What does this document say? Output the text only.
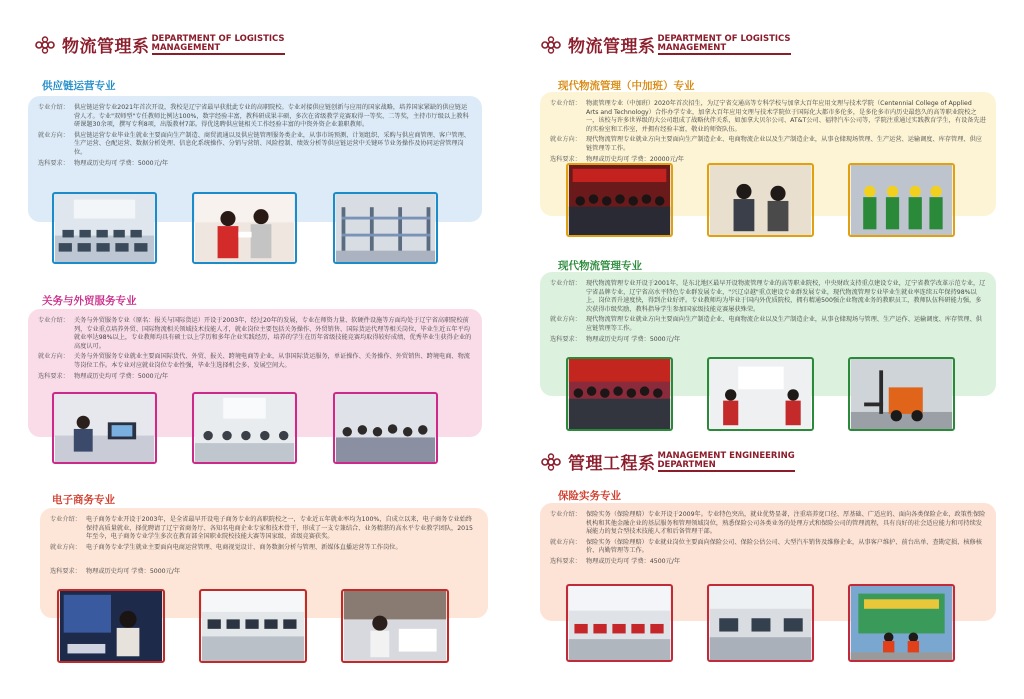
物流管理系 DEPARTMENT OF LOGISTICS
MANAGEMENT	物流管理系 DEPARTMENT OF LOGISTICS
MANAGEMENT
供应链运营专业
专业介绍： 供应链运营专业2021年首次开设，我校是辽宁省最早获批此专业的高职院校。专业对接供应链创新与应用的国家战略，培养国家紧缺的供应链运营人才。专业"双师型"专任教师比例达100%，数字经验丰富，教科研成果丰硕，多次在省级教学竞赛取得一等奖、二等奖，主持市厅级以上教科研课题30余项，撰写专利8项，出版教材7部。得优选聘供应链相关工作经验丰富的中资外资企业兼职教师。
就业方向： 供应链运营专业毕业生就业主要面向生产制造、商贸流通以及供应链管理服务类企业，从事市场预测、计划组织、采购与供应商管理、客户管理、生产运营、仓配运营、数据分析处理、信息化系统操作、分销与营销、风险控制、绩效分析等供应链运营中关键环节业务操作及协同运营管理岗位。
选科要求： 物理或历史均可 学费：5000元/年
关务与外贸服务专业
专业介绍： 关务与外贸服务专业（原名：报关与国际货运）开设于2003年，经过20年的发展，专业在师资力量、软硬件设施等方面均处于辽宁省高职院校前列，专业重点培养外贸、国际物流相关领域技术技能人才，就业岗位主要包括关务操作、外贸销售、国际货运代理等相关岗位，毕业生近五年平均就业率达98%以上，专业教师均具有硕士以上学历和多年企业实践经历，培养的学生在历年省级技能竞赛均取得较好成绩，优秀毕业生获得企业的高度认可。
就业方向： 关务与外贸服务专业就业主要面国际货代、外贸、报关、跨境电商等企业，从事国际货运服务，单证操作、关务操作、外贸销售、跨境电商、物流等岗位工作。本专业对应就业岗位专业性强，毕业生选择机会多、发展空间大。
选科要求： 物理或历史均可 学费：5000元/年
电子商务专业
专业介绍： 电子商务专业开设于2003年，是全省最早开设电子商务专业的高职院校之一，专业近五年就业率均为100%，自成立以来，电子商务专业始终保持高质量就业，择优聘请了辽宁省商务厅、各知名电商企业专家和技术骨干，形成了一支专兼结合、业务精湛的高水平专业教学团队，2015年至今，电子商务专业学生多次在教育部全国职业院校技能大赛等国家级、省级竞赛获奖。
就业方向： 电子商务专业学生就业主要面向电商运营管理、电商视觉设计、商务数据分析与管理、新媒体直播运营等工作岗位。
选科要求： 物理或历史均可 学费：5000元/年
现代物流管理（中加班）专业
专业介绍： 物流管理专业（中加班）2020年首次招生，为辽宁省交通高等专科学校与加拿大百年应用文理与技术学院（Centennial College of Applied Arts and Technology）合作办学专业，加拿大百年应用文理与技术学院位于国际化大都市多伦多，是多伦多市内历史最悠久的高等职业院校之一，该校与许多世界级的大公司组成了战略伙伴关系，如加拿大贝尔公司、AT&T公司、福特汽车公司等，学院注重通过实践教育学生，有设备先进的实验室和工作室，并拥有经验丰富，敬业的师资队伍。
就业方向： 现代物流管理专业就业方向主要面向生产制造企业、电商物流企业以及生产制造企业，从事仓储现场管理、生产运营、运输调度、库存管理、供应链管理等工作。
选科要求： 物理或历史均可 学费：20000元/年
现代物流管理专业
专业介绍： 现代物流管理专业开设于2001年，是东北地区最早开设物流管理专业的高等职业院校，中央财政支持重点建设专业，辽宁省教学改革示范专业，辽宁省品牌专业，辽宁省高水平特色专业群发展专业，"兴辽卓越"重点建设专业群发展专业，现代物流管理专业毕业生就业率连续五年保持98%以上，岗位晋升速度快，得到企业好评。专业教师均为毕业于国内外优质院校，拥有精通500强企业物流业务的教职员工，教师队伍科研能力强，多次获得市级奖励，教科指导学生参加国家级技能竞赛屡获殊荣。
就业方向： 现代物流管理专业就业方向主要面向生产制造企业、电商物流企业以及生产制造企业，从事仓储现场与管理、生产运作、运输调度、库存管理、供应链管理等工作。
选科要求： 物理或历史均可 学费：5000元/年
管理工程系 MANAGEMENT ENGINEERING
DEPARTMEN
保险实务专业
专业介绍： 保险实务（保险理赔）专业开设于2009年。专业特色突出，就业优势显著，注重培养宽口径、厚基础、广适应的、面向各类保险企业，政策性保险机构和其他金融企业的基层服务和管理领域岗位，熟悉保险公司各类业务的处理方式和保险公司的管理流程，具有良好的社会适应能力和可持续发展能力的复合型技术技能人才和后备管理干部。
就业方向： 保险实务（保险理赔）专业就业岗位主要面向保险公司、保险公估公司、大型汽车销售及维修企业，从事客户维护、前台出单、查勘定损、核修核价、内勤管理等工作。
选科要求： 物理或历史均可 学费：4500元/年
